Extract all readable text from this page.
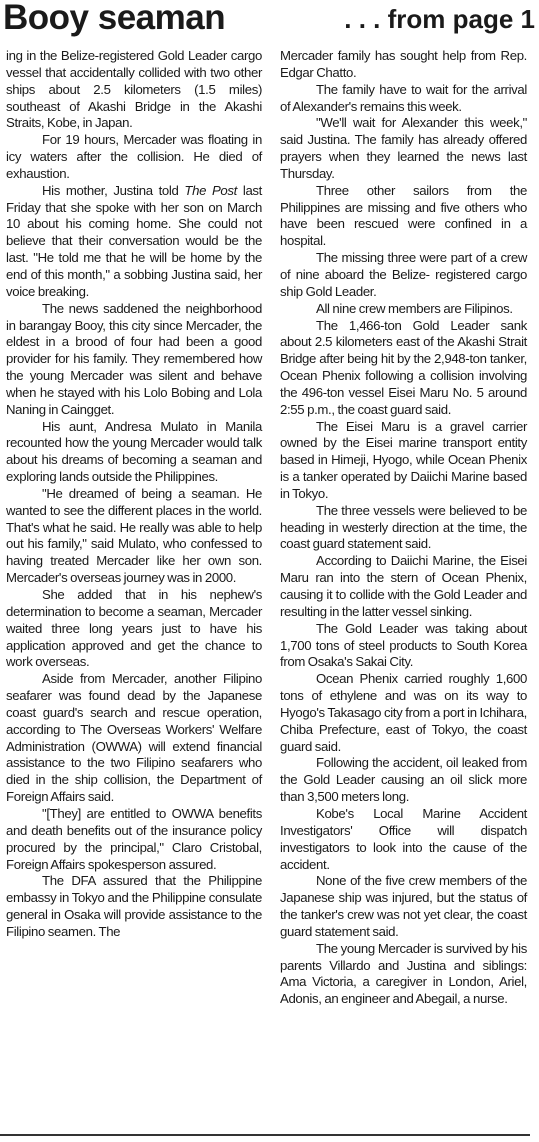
Booy seaman	. . . from page 1

ing in the Belize-registered Gold Leader cargo vessel that accidentally collided with two other ships about 2.5 kilometers (1.5 miles) southeast of Akashi Bridge in the Akashi Straits, Kobe, in Japan.

For 19 hours, Mercader was floating in icy waters after the collision. He died of exhaustion.

His mother, Justina told The Post last Friday that she spoke with her son on March 10 about his coming home. She could not believe that their conversation would be the last. "He told me that he will be home by the end of this month," a sobbing Justina said, her voice breaking.

The news saddened the neighborhood in barangay Booy, this city since Mercader, the eldest in a brood of four had been a good provider for his family. They remembered how the young Mercader was silent and behave when he stayed with his Lolo Bobing and Lola Naning in Caingget.

His aunt, Andresa Mulato in Manila recounted how the young Mercader would talk about his dreams of becoming a seaman and exploring lands outside the Philippines.

"He dreamed of being a seaman. He wanted to see the different places in the world. That's what he said. He really was able to help out his family," said Mulato, who confessed to having treated Mercader like her own son. Mercader's overseas journey was in 2000.

She added that in his nephew's determination to become a seaman, Mercader waited three long years just to have his application approved and get the chance to work overseas.

Aside from Mercader, another Filipino seafarer was found dead by the Japanese coast guard's search and rescue operation, according to The Overseas Workers' Welfare Administration (OWWA) will extend financial assistance to the two Filipino seafarers who died in the ship collision, the Department of Foreign Affairs said.

"[They] are entitled to OWWA benefits and death benefits out of the insurance policy procured by the principal," Claro Cristobal, Foreign Affairs spokesperson assured.

The DFA assured that the Philippine embassy in Tokyo and the Philippine consulate general in Osaka will provide assistance to the Filipino seamen. The

Mercader family has sought help from Rep. Edgar Chatto.

The family have to wait for the arrival of Alexander's remains this week.

"We'll wait for Alexander this week," said Justina. The family has already offered prayers when they learned the news last Thursday.

Three other sailors from the Philippines are missing and five others who have been rescued were confined in a hospital.

The missing three were part of a crew of nine aboard the Belize- registered cargo ship Gold Leader.

All nine crew members are Filipinos.

The 1,466-ton Gold Leader sank about 2.5 kilometers east of the Akashi Strait Bridge after being hit by the 2,948-ton tanker, Ocean Phenix following a collision involving the 496-ton vessel Eisei Maru No. 5 around 2:55 p.m., the coast guard said.

The Eisei Maru is a gravel carrier owned by the Eisei marine transport entity based in Himeji, Hyogo, while Ocean Phenix is a tanker operated by Daiichi Marine based in Tokyo.

The three vessels were believed to be heading in westerly direction at the time, the coast guard statement said.

According to Daiichi Marine, the Eisei Maru ran into the stern of Ocean Phenix, causing it to collide with the Gold Leader and resulting in the latter vessel sinking.

The Gold Leader was taking about 1,700 tons of steel products to South Korea from Osaka's Sakai City.

Ocean Phenix carried roughly 1,600 tons of ethylene and was on its way to Hyogo's Takasago city from a port in Ichihara, Chiba Prefecture, east of Tokyo, the coast guard said.

Following the accident, oil leaked from the Gold Leader causing an oil slick more than 3,500 meters long.

Kobe's Local Marine Accident Investigators' Office will dispatch investigators to look into the cause of the accident.

None of the five crew members of the Japanese ship was injured, but the status of the tanker's crew was not yet clear, the coast guard statement said.

The young Mercader is survived by his parents Villardo and Justina and siblings: Ama Victoria, a caregiver in London, Ariel, Adonis, an engineer and Abegail, a nurse.
